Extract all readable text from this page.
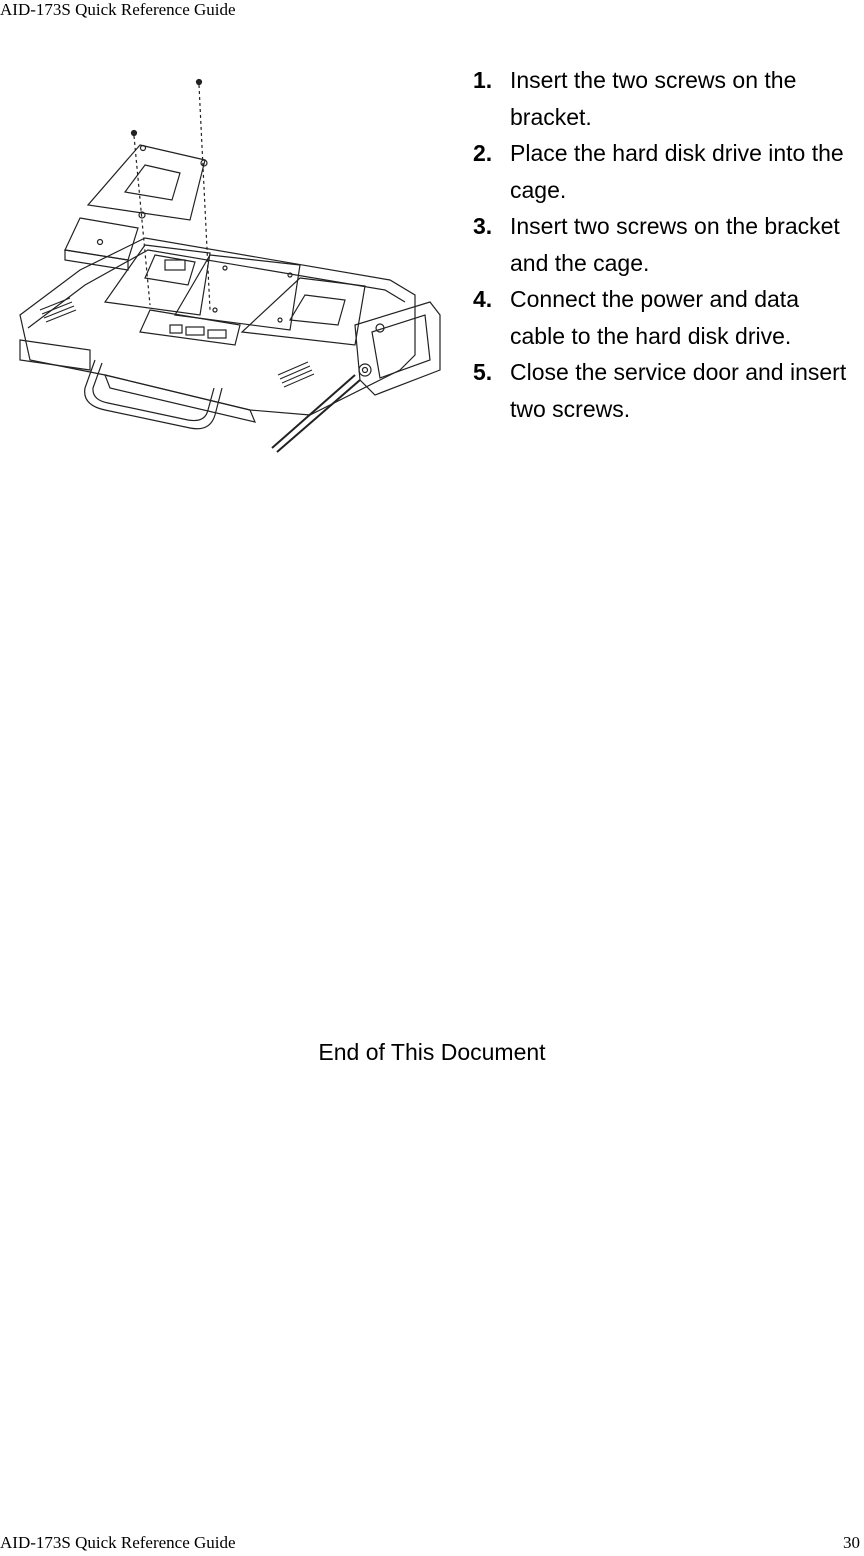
AID-173S Quick Reference Guide
1. Insert the two screws on the bracket.
2. Place the hard disk drive into the cage.
3. Insert two screws on the bracket and the cage.
4. Connect the power and data cable to the hard disk drive.
5. Close the service door and insert two screws.
End of This Document
AID-173S Quick Reference Guide	30
